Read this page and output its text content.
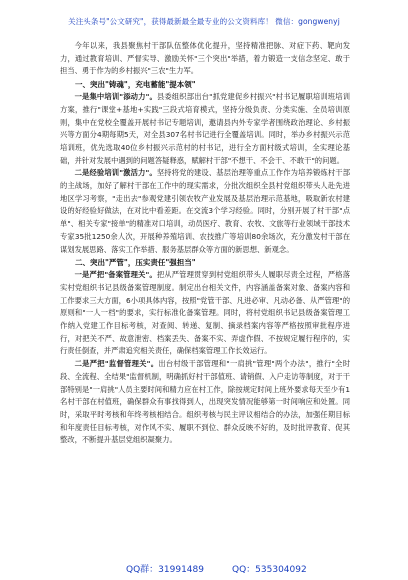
关注头条号"公文研究"，获得最新最全最专业的公文资料库！ 微信：gongwenyj

今年以来，我县聚焦村干部队伍整体优化提升，坚持精准把脉、对症下药、靶向发力，通过教育培训、严督实导、激励关怀"三个突出"举措，着力锻造一支信念坚定、敢于担当、勇于作为的乡村振兴"三农"生力军。

一、突出"铸魂"，充电蓄能"提本领"

一是集中培训"添动力"。县委组织部出台"抓党建促乡村振兴"村书记履职培训班培训方案，推行"课堂+基地+实践"三段式培育模式，坚持分级负责、分类实施、全员培训原则，集中在党校全覆盖开展村书记专题培训，邀请县内外专家学者围绕政治理论、乡村振兴等方面分4期每期5天，对全县307名村书记进行全覆盖培训。同时，举办乡村振兴示范培训班，优先选取40位乡村振兴示范村的村书记，进行全方面村级式培训，全实理论基础，并针对发展中遇到的问题答疑释惑，赋解村干部"不想干、不会干、不敢干"的问题。

二是经验培训"激活力"。坚持将党的建设、基层治理等重点工作作为培养锻炼村干部的主战场，加好了解村干部在工作中的现实需求，分批次组织全县村党组织带头人赴先进地区学习考察，"走出去"参观党建引领农牧产业发展及基层治理示范基地，吸取新农村建设的好经验好做法，在对比中看差距。在交流3个学习经验。同时，分别开展了村干部"点单"、相关专家"接单"的精准对口培训，动员医疗、教育、农牧、文旅等行业领域干部技术专家35批1250余人次，开展种养殖培训、农技推广等培训80余场次，充分激发村干部在谋划发展思路、落实工作举措、服务基层群众等方面的新思想、新观念。

二、突出"严管"，压实责任"强担当"

一是严把"备案管理关"。把从严管理贯穿到村党组织带头人履职尽责全过程，严格落实村党组织书记县级备案管理制度。制定出台相关文件，内容涵盖备案对象、备案内容和工作要求三大方面，6小项具体内容，按照"党管干部、凡进必审、凡动必备、从严管理"的原则和"一人一档"的要求，实行标准化备案管理。同时，将村党组织书记县级备案管理工作纳入党建工作目标考核，对查阅、转递、复制、摘录档案内容等严格按照审批程序进行，对把关不严、故意泄密、档案丢失、备案不实、弄虚作假、不按规定履行程序的，实行责任倒查，并严肃追究相关责任，确保档案管理工作长效运行。

二是严把"监督管理关"。出台村级干部管理和"一肩挑"管理"两个办法"，推行"全时段、全流程、全结果"监督机制，明确抓好村干部值班、请销假、入户走访等制度，对于干部特别是"一肩挑"人员主要时间和精力应在村工作，除按规定时间上班外要求每天至少有1名村干部在村值班，确保群众有事找得到人，出现突发情况能够第一时间响应和处置。同时，采取平时考核和年终考核相结合。组织考核与民主评议相结合的办法，加强任期目标和年度责任目标考核，对作风不实、履职不到位、群众反映不好的，及时批评教育、促其整改，不断提升基层党组织凝聚力。

QQ群：31991489	QQ：535304092
